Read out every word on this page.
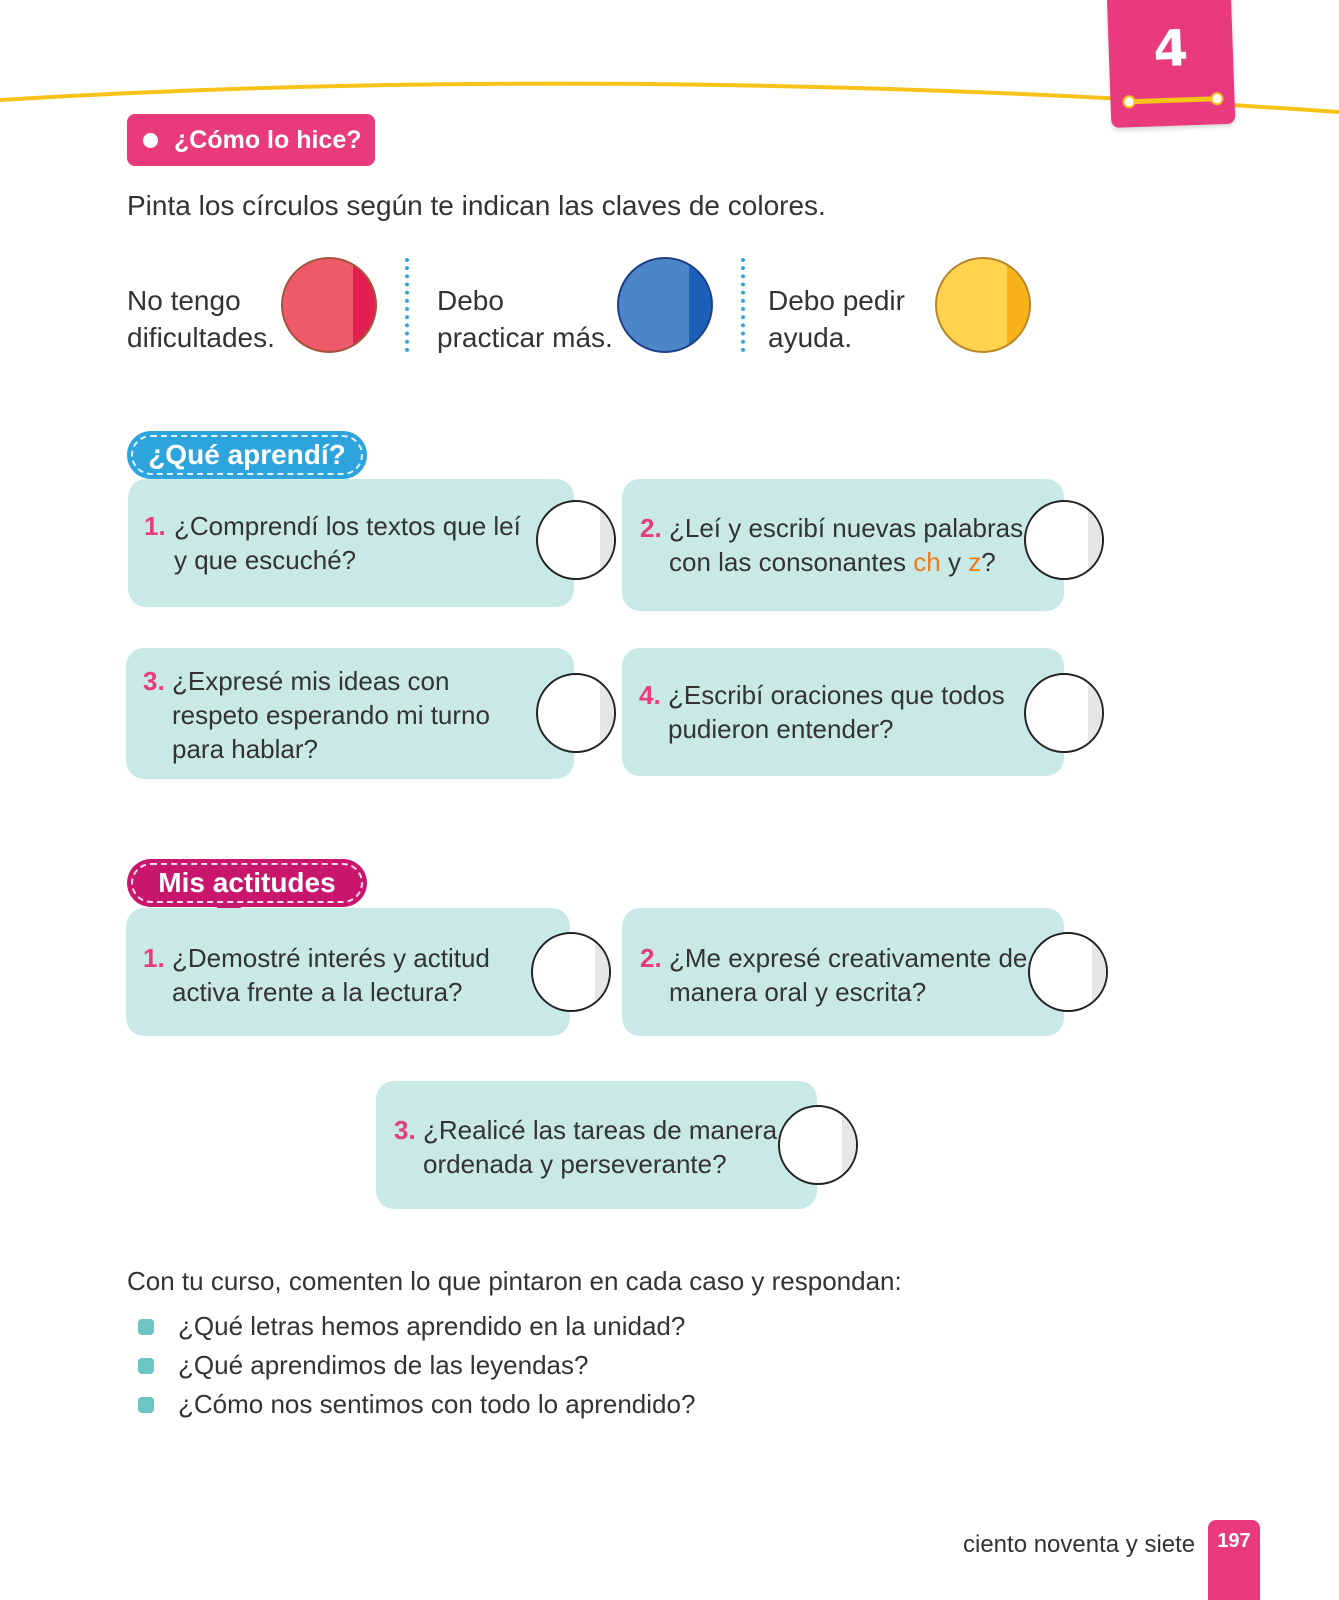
4
¿Cómo lo hice?
Pinta los círculos según te indican las claves de colores.
No tengo
dificultades.
Debo
practicar más.
Debo pedir
ayuda.
¿Qué aprendí?
1. ¿Comprendí los textos que leí
y que escuché?
2. ¿Leí y escribí nuevas palabras
con las consonantes ch y z?
3. ¿Expresé mis ideas con
respeto esperando mi turno
para hablar?
4. ¿Escribí oraciones que todos
pudieron entender?
Mis actitudes
1. ¿Demostré interés y actitud
activa frente a la lectura?
2. ¿Me expresé creativamente de
manera oral y escrita?
3. ¿Realicé las tareas de manera
ordenada y perseverante?
Con tu curso, comenten lo que pintaron en cada caso y respondan:
¿Qué letras hemos aprendido en la unidad?
¿Qué aprendimos de las leyendas?
¿Cómo nos sentimos con todo lo aprendido?
ciento noventa y siete	197
